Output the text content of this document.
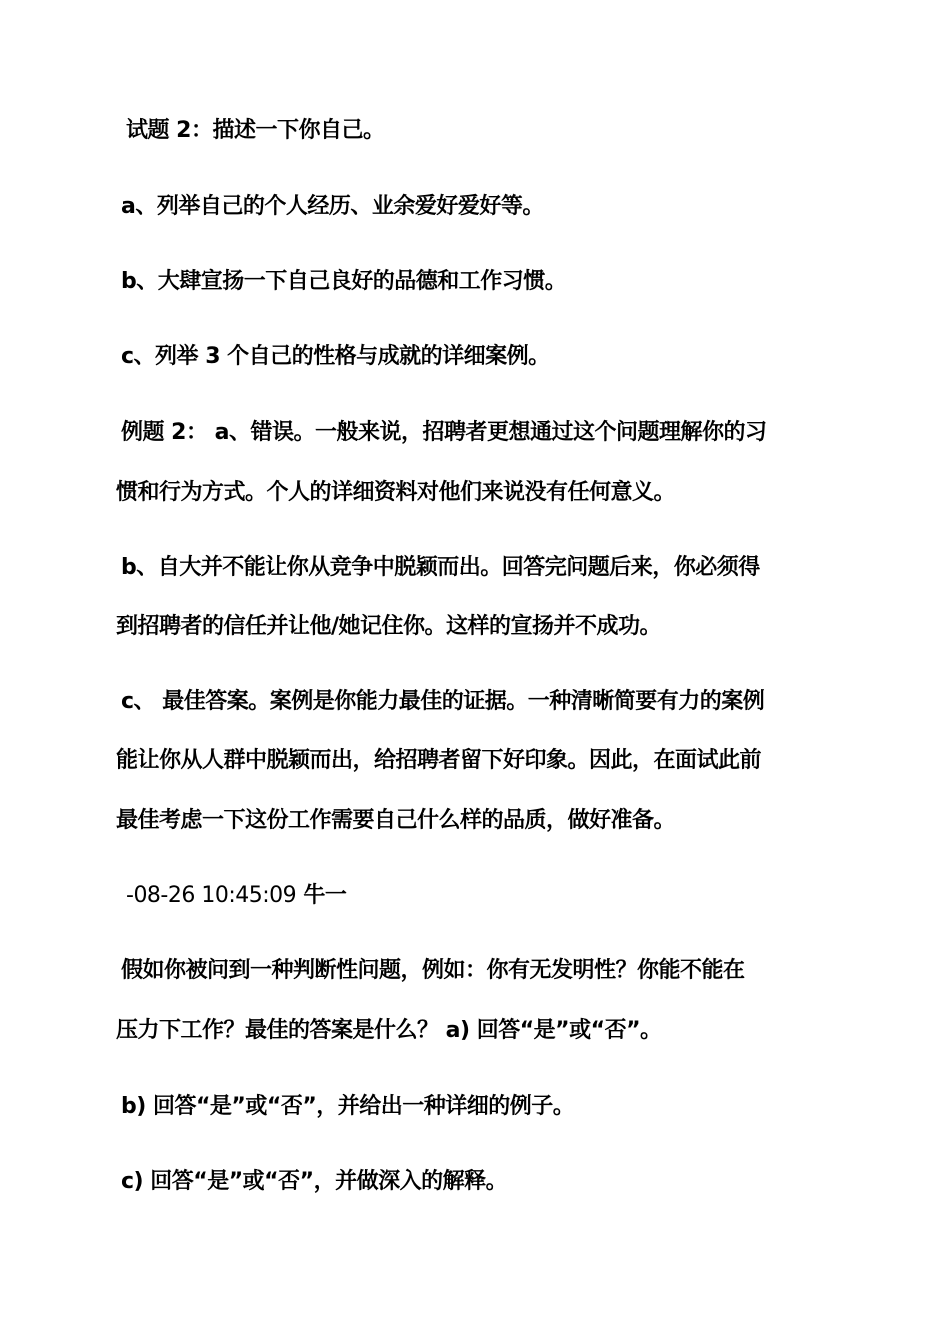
试题 2：描述一下你自己。
a、列举自己的个人经历、业余爱好爱好等。
b、大肆宣扬一下自己良好的品德和工作习惯。
c、列举 3 个自己的性格与成就的详细案例。
例题 2： a、错误。一般来说，招聘者更想通过这个问题理解你的习
惯和行为方式。个人的详细资料对他们来说没有任何意义。
b、自大并不能让你从竞争中脱颖而出。回答完问题后来，你必须得
到招聘者的信任并让他/她记住你。这样的宣扬并不成功。
c、 最佳答案。案例是你能力最佳的证据。一种清晰简要有力的案例
能让你从人群中脱颖而出，给招聘者留下好印象。因此，在面试此前
最佳考虑一下这份工作需要自己什么样的品质，做好准备。
-08-26 10:45:09 牛一
假如你被问到一种判断性问题，例如：你有无发明性？你能不能在
压力下工作？最佳的答案是什么？ a) 回答“是”或“否”。
b) 回答“是”或“否”，并给出一种详细的例子。
c) 回答“是”或“否”，并做深入的解释。
